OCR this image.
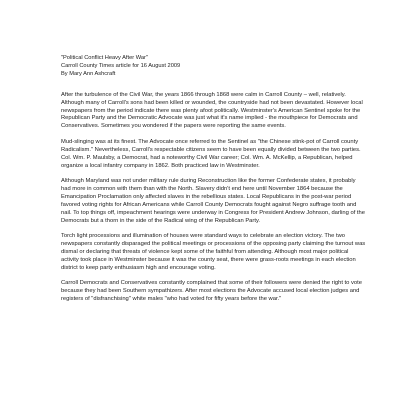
"Political Conflict Heavy After War"
Carroll County Times article for 16 August 2009
By Mary Ann Ashcraft

After the turbulence of the Civil War, the years 1866 through 1868 were calm in Carroll County – well, relatively. Although many of Carroll's sons had been killed or wounded, the countryside had not been devastated. However local newspapers from the period indicate there was plenty afoot politically. Westminster's American Sentinel spoke for the Republican Party and the Democratic Advocate was just what it's name implied - the mouthpiece for Democrats and Conservatives. Sometimes you wondered if the papers were reporting the same events.

Mud-slinging was at its finest. The Advocate once referred to the Sentinel as "the Chinese stink-pot of Carroll county Radicalism." Nevertheless, Carroll's respectable citizens seem to have been equally divided between the two parties. Col. Wm. P. Maulsby, a Democrat, had a noteworthy Civil War career; Col. Wm. A. McKellip, a Republican, helped organize a local infantry company in 1862. Both practiced law in Westminster.

Although Maryland was not under military rule during Reconstruction like the former Confederate states, it probably had more in common with them than with the North. Slavery didn't end here until November 1864 because the Emancipation Proclamation only affected slaves in the rebellious states. Local Republicans in the post-war period favored voting rights for African Americans while Carroll County Democrats fought against Negro suffrage tooth and nail. To top things off, impeachment hearings were underway in Congress for President Andrew Johnson, darling of the Democrats but a thorn in the side of the Radical wing of the Republican Party.

Torch light processions and illumination of houses were standard ways to celebrate an election victory. The two newspapers constantly disparaged the political meetings or processions of the opposing party claiming the turnout was dismal or declaring that threats of violence kept some of the faithful from attending. Although most major political activity took place in Westminster because it was the county seat, there were grass-roots meetings in each election district to keep party enthusiasm high and encourage voting.

Carroll Democrats and Conservatives constantly complained that some of their followers were denied the right to vote because they had been Southern sympathizers. After most elections the Advocate accused local election judges and registers of "disfranchising" white males "who had voted for fifty years before the war."
